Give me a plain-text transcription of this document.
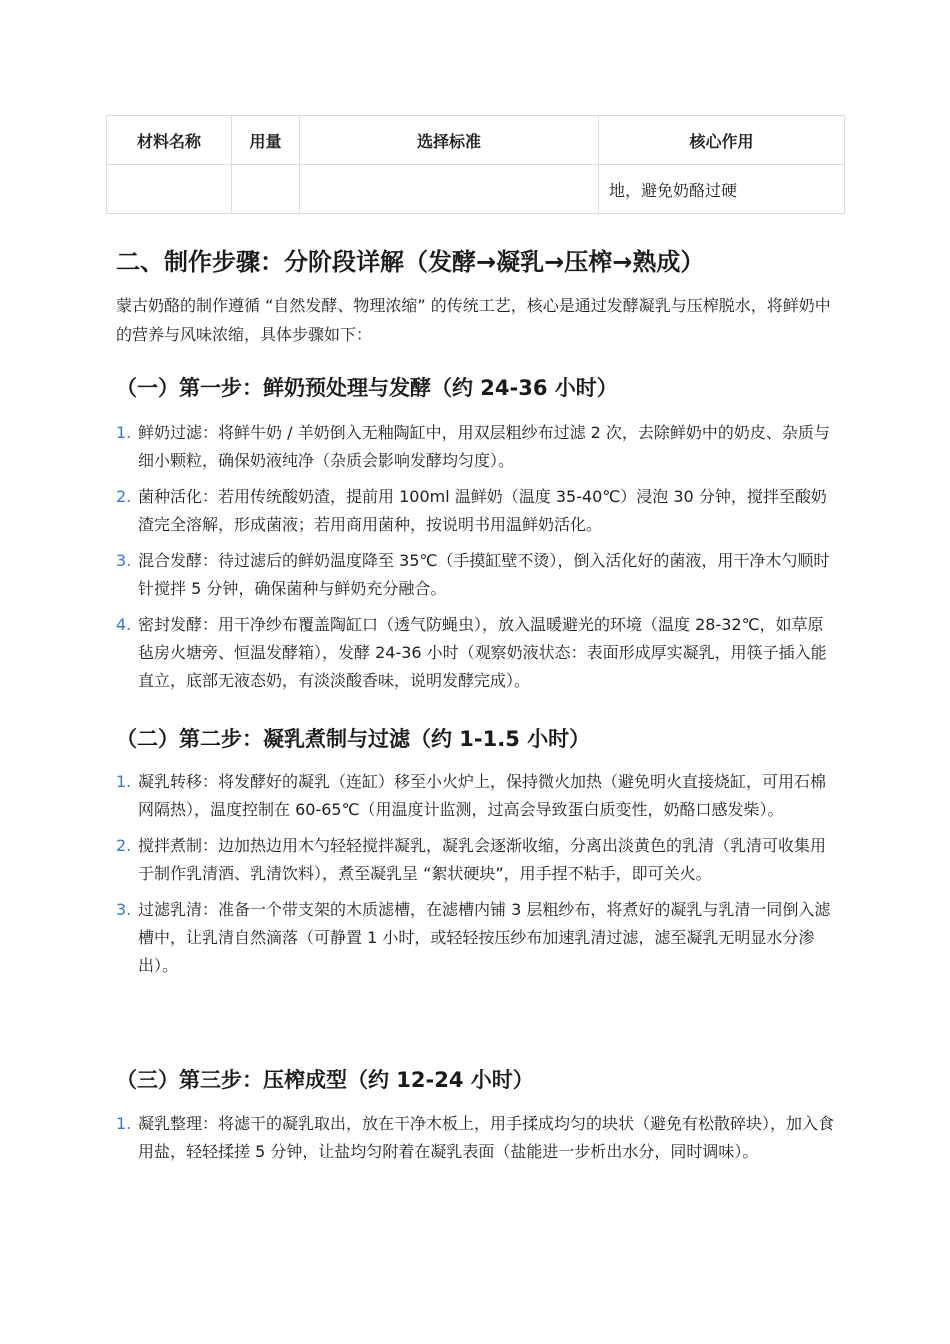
材料名称	用量	选择标准	核心作用
			地，避免奶酪过硬
二、制作步骤：分阶段详解（发酵→凝乳→压榨→熟成）

蒙古奶酪的制作遵循 “自然发酵、物理浓缩” 的传统工艺，核心是通过发酵凝乳与压榨脱水，将鲜奶中的营养与风味浓缩，具体步骤如下：

（一）第一步：鲜奶预处理与发酵（约 24-36 小时）
1. 鲜奶过滤：将鲜牛奶 / 羊奶倒入无釉陶缸中，用双层粗纱布过滤 2 次，去除鲜奶中的奶皮、杂质与细小颗粒，确保奶液纯净（杂质会影响发酵均匀度）。
2. 菌种活化：若用传统酸奶渣，提前用 100ml 温鲜奶（温度 35-40℃）浸泡 30 分钟，搅拌至酸奶渣完全溶解，形成菌液；若用商用菌种，按说明书用温鲜奶活化。
3. 混合发酵：待过滤后的鲜奶温度降至 35℃（手摸缸壁不烫），倒入活化好的菌液，用干净木勺顺时针搅拌 5 分钟，确保菌种与鲜奶充分融合。
4. 密封发酵：用干净纱布覆盖陶缸口（透气防蝇虫），放入温暖避光的环境（温度 28-32℃，如草原毡房火塘旁、恒温发酵箱），发酵 24-36 小时（观察奶液状态：表面形成厚实凝乳，用筷子插入能直立，底部无液态奶，有淡淡酸香味，说明发酵完成）。
（二）第二步：凝乳煮制与过滤（约 1-1.5 小时）
1. 凝乳转移：将发酵好的凝乳（连缸）移至小火炉上，保持微火加热（避免明火直接烧缸，可用石棉网隔热），温度控制在 60-65℃（用温度计监测，过高会导致蛋白质变性，奶酪口感发柴）。
2. 搅拌煮制：边加热边用木勺轻轻搅拌凝乳，凝乳会逐渐收缩，分离出淡黄色的乳清（乳清可收集用于制作乳清酒、乳清饮料），煮至凝乳呈 “絮状硬块”，用手捏不粘手，即可关火。
3. 过滤乳清：准备一个带支架的木质滤槽，在滤槽内铺 3 层粗纱布，将煮好的凝乳与乳清一同倒入滤槽中，让乳清自然滴落（可静置 1 小时，或轻轻按压纱布加速乳清过滤，滤至凝乳无明显水分渗出）。
（三）第三步：压榨成型（约 12-24 小时）
1. 凝乳整理：将滤干的凝乳取出，放在干净木板上，用手揉成均匀的块状（避免有松散碎块），加入食用盐，轻轻揉搓 5 分钟，让盐均匀附着在凝乳表面（盐能进一步析出水分，同时调味）。
